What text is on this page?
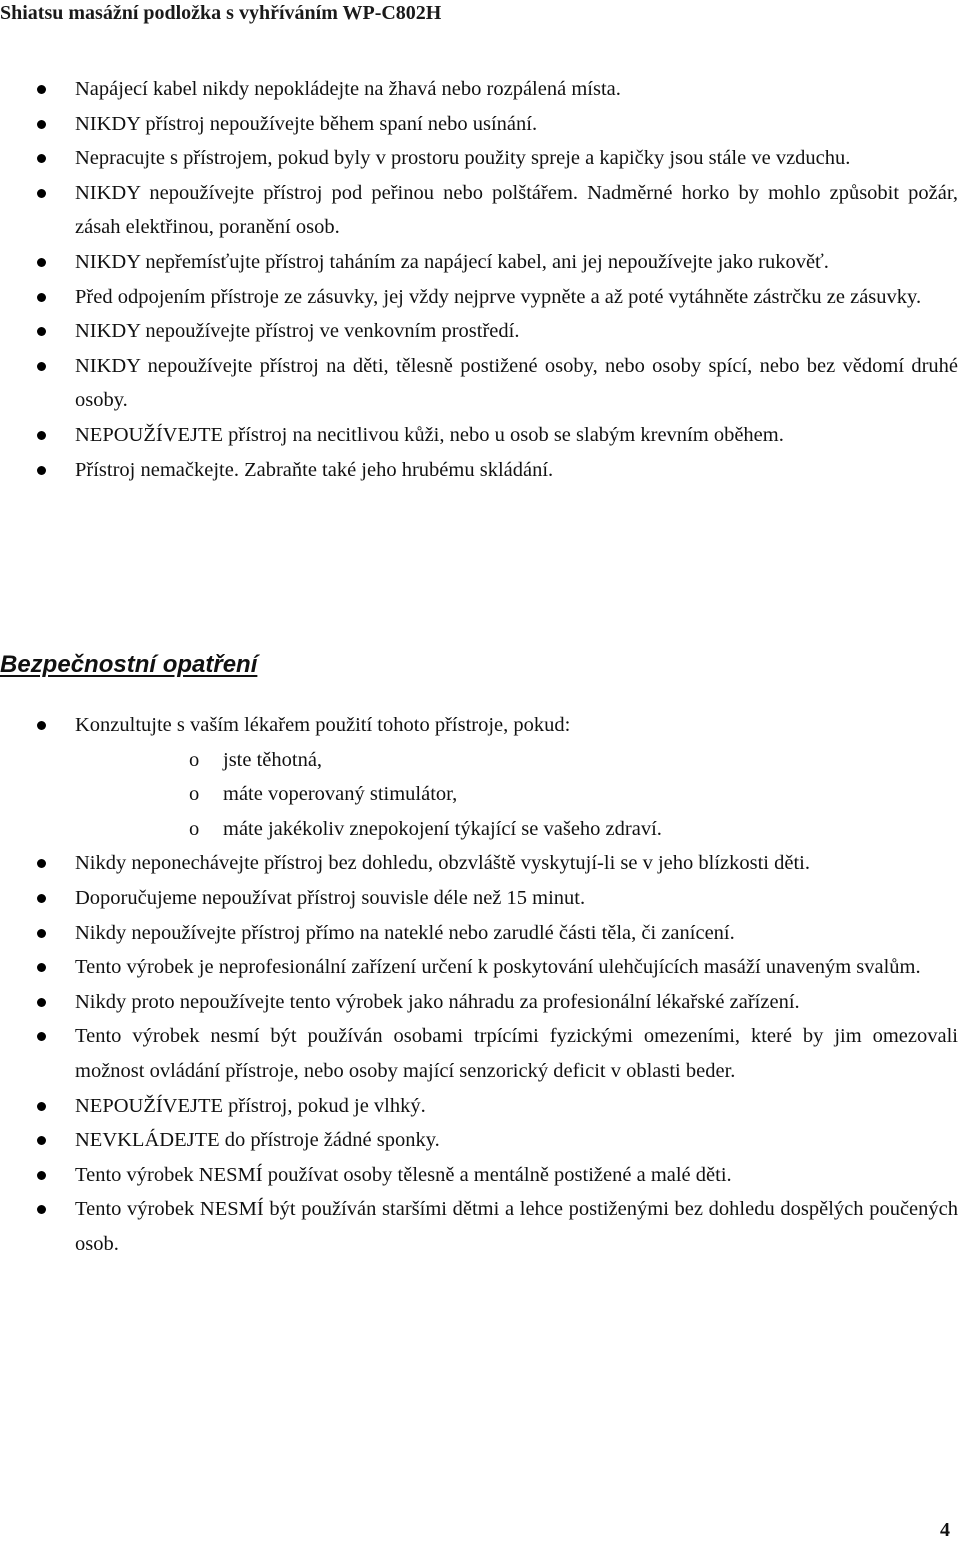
Shiatsu masážní podložka s vyhříváním WP-C802H
Napájecí kabel nikdy nepokládejte na žhavá nebo rozpálená místa.
NIKDY přístroj nepoužívejte během spaní nebo usínání.
Nepracujte s přístrojem, pokud byly v prostoru použity spreje a kapičky jsou stále ve vzduchu.
NIKDY nepoužívejte přístroj pod peřinou nebo polštářem. Nadměrné horko by mohlo způsobit požár, zásah elektřinou, poranění osob.
NIKDY nepřemísťujte přístroj taháním za napájecí kabel, ani jej nepoužívejte jako rukověť.
Před odpojením přístroje ze zásuvky, jej vždy nejprve vypněte a až poté vytáhněte zástrčku ze zásuvky.
NIKDY nepoužívejte přístroj ve venkovním prostředí.
NIKDY nepoužívejte přístroj na děti, tělesně postižené osoby, nebo osoby spící, nebo bez vědomí druhé osoby.
NEPOUŽÍVEJTE přístroj na necitlivou kůži, nebo u osob se slabým krevním oběhem.
Přístroj nemačkejte. Zabraňte také jeho hrubému skládání.
Bezpečnostní opatření
Konzultujte s vaším lékařem použití tohoto přístroje, pokud:
o jste těhotná,
o máte voperovaný stimulátor,
o máte jakékoliv znepokojení týkající se vašeho zdraví.
Nikdy neponechávejte přístroj bez dohledu, obzvláště vyskytují-li se v jeho blízkosti děti.
Doporučujeme nepoužívat přístroj souvisle déle než 15 minut.
Nikdy nepoužívejte přístroj přímo na nateklé nebo zarudlé části těla, či zanícení.
Tento výrobek je neprofesionální zařízení určení k poskytování ulehčujících masáží unaveným svalům.
Nikdy proto nepoužívejte tento výrobek jako náhradu za profesionální lékařské zařízení.
Tento výrobek nesmí být používán osobami trpícími fyzickými omezeními, které by jim omezovali možnost ovládání přístroje, nebo osoby mající senzorický deficit v oblasti beder.
NEPOUŽÍVEJTE přístroj, pokud je vlhký.
NEVKLÁDEJTE do přístroje žádné sponky.
Tento výrobek NESMÍ používat osoby tělesně a mentálně postižené a malé děti.
Tento výrobek NESMÍ být používán staršími dětmi a lehce postiženými bez dohledu dospělých poučených osob.
4
